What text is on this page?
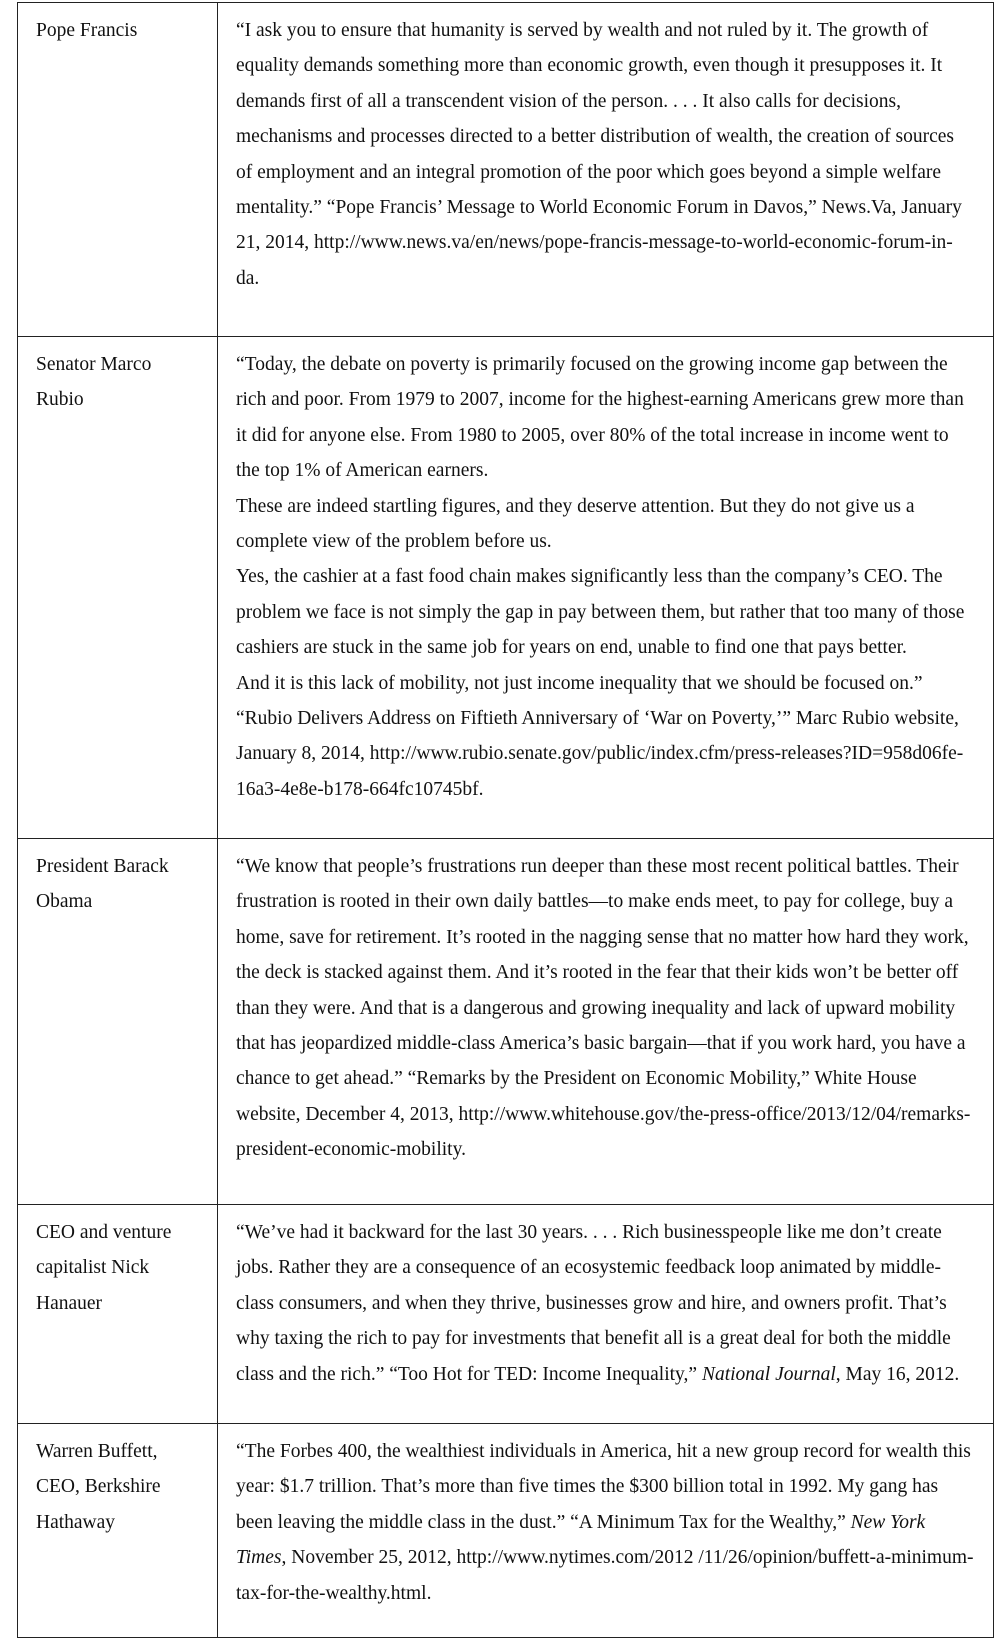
Pope Francis	“I ask you to ensure that humanity is served by wealth and not ruled by it. The growth of equality demands something more than economic growth, even though it presupposes it. It demands first of all a transcendent vision of the person. . . . It also calls for decisions, mechanisms and processes directed to a better distribution of wealth, the creation of sources of employment and an integral promotion of the poor which goes beyond a simple welfare mentality.” “Pope Francis’ Message to World Economic Forum in Davos,” News.Va, January 21, 2014, http://www.news.va/en/news/pope-francis-message-to-world-economic-forum-in-da.

Senator Marco Rubio	“Today, the debate on poverty is primarily focused on the growing income gap between the rich and poor. From 1979 to 2007, income for the highest-earning Americans grew more than it did for anyone else. From 1980 to 2005, over 80% of the total increase in income went to the top 1% of American earners.

These are indeed startling figures, and they deserve attention. But they do not give us a complete view of the problem before us.

Yes, the cashier at a fast food chain makes significantly less than the company’s CEO. The problem we face is not simply the gap in pay between them, but rather that too many of those cashiers are stuck in the same job for years on end, unable to find one that pays better.

And it is this lack of mobility, not just income inequality that we should be focused on.” “Rubio Delivers Address on Fiftieth Anniversary of ‘War on Poverty,’” Marc Rubio website, January 8, 2014, http://www.rubio.senate.gov/public/index.cfm/press-releases?ID=958d06fe-16a3-4e8e-b178-664fc10745bf.

President Barack Obama	“We know that people’s frustrations run deeper than these most recent political battles. Their frustration is rooted in their own daily battles—to make ends meet, to pay for college, buy a home, save for retirement. It’s rooted in the nagging sense that no matter how hard they work, the deck is stacked against them. And it’s rooted in the fear that their kids won’t be better off than they were. And that is a dangerous and growing inequality and lack of upward mobility that has jeopardized middle-class America’s basic bargain—that if you work hard, you have a chance to get ahead.” “Remarks by the President on Economic Mobility,” White House website, December 4, 2013, http://www.whitehouse.gov/the-press-office/2013/12/04/remarks-president-economic-mobility.

CEO and venture capitalist Nick Hanauer	“We’ve had it backward for the last 30 years. . . . Rich businesspeople like me don’t create jobs. Rather they are a consequence of an ecosystemic feedback loop animated by middle-class consumers, and when they thrive, businesses grow and hire, and owners profit. That’s why taxing the rich to pay for investments that benefit all is a great deal for both the middle class and the rich.” “Too Hot for TED: Income Inequality,” National Journal, May 16, 2012.

Warren Buffett, CEO, Berkshire Hathaway	“The Forbes 400, the wealthiest individuals in America, hit a new group record for wealth this year: $1.7 trillion. That’s more than five times the $300 billion total in 1992. My gang has been leaving the middle class in the dust.” “A Minimum Tax for the Wealthy,” New York Times, November 25, 2012, http://www.nytimes.com/2012 /11/26/opinion/buffett-a-minimum-tax-for-the-wealthy.html.
